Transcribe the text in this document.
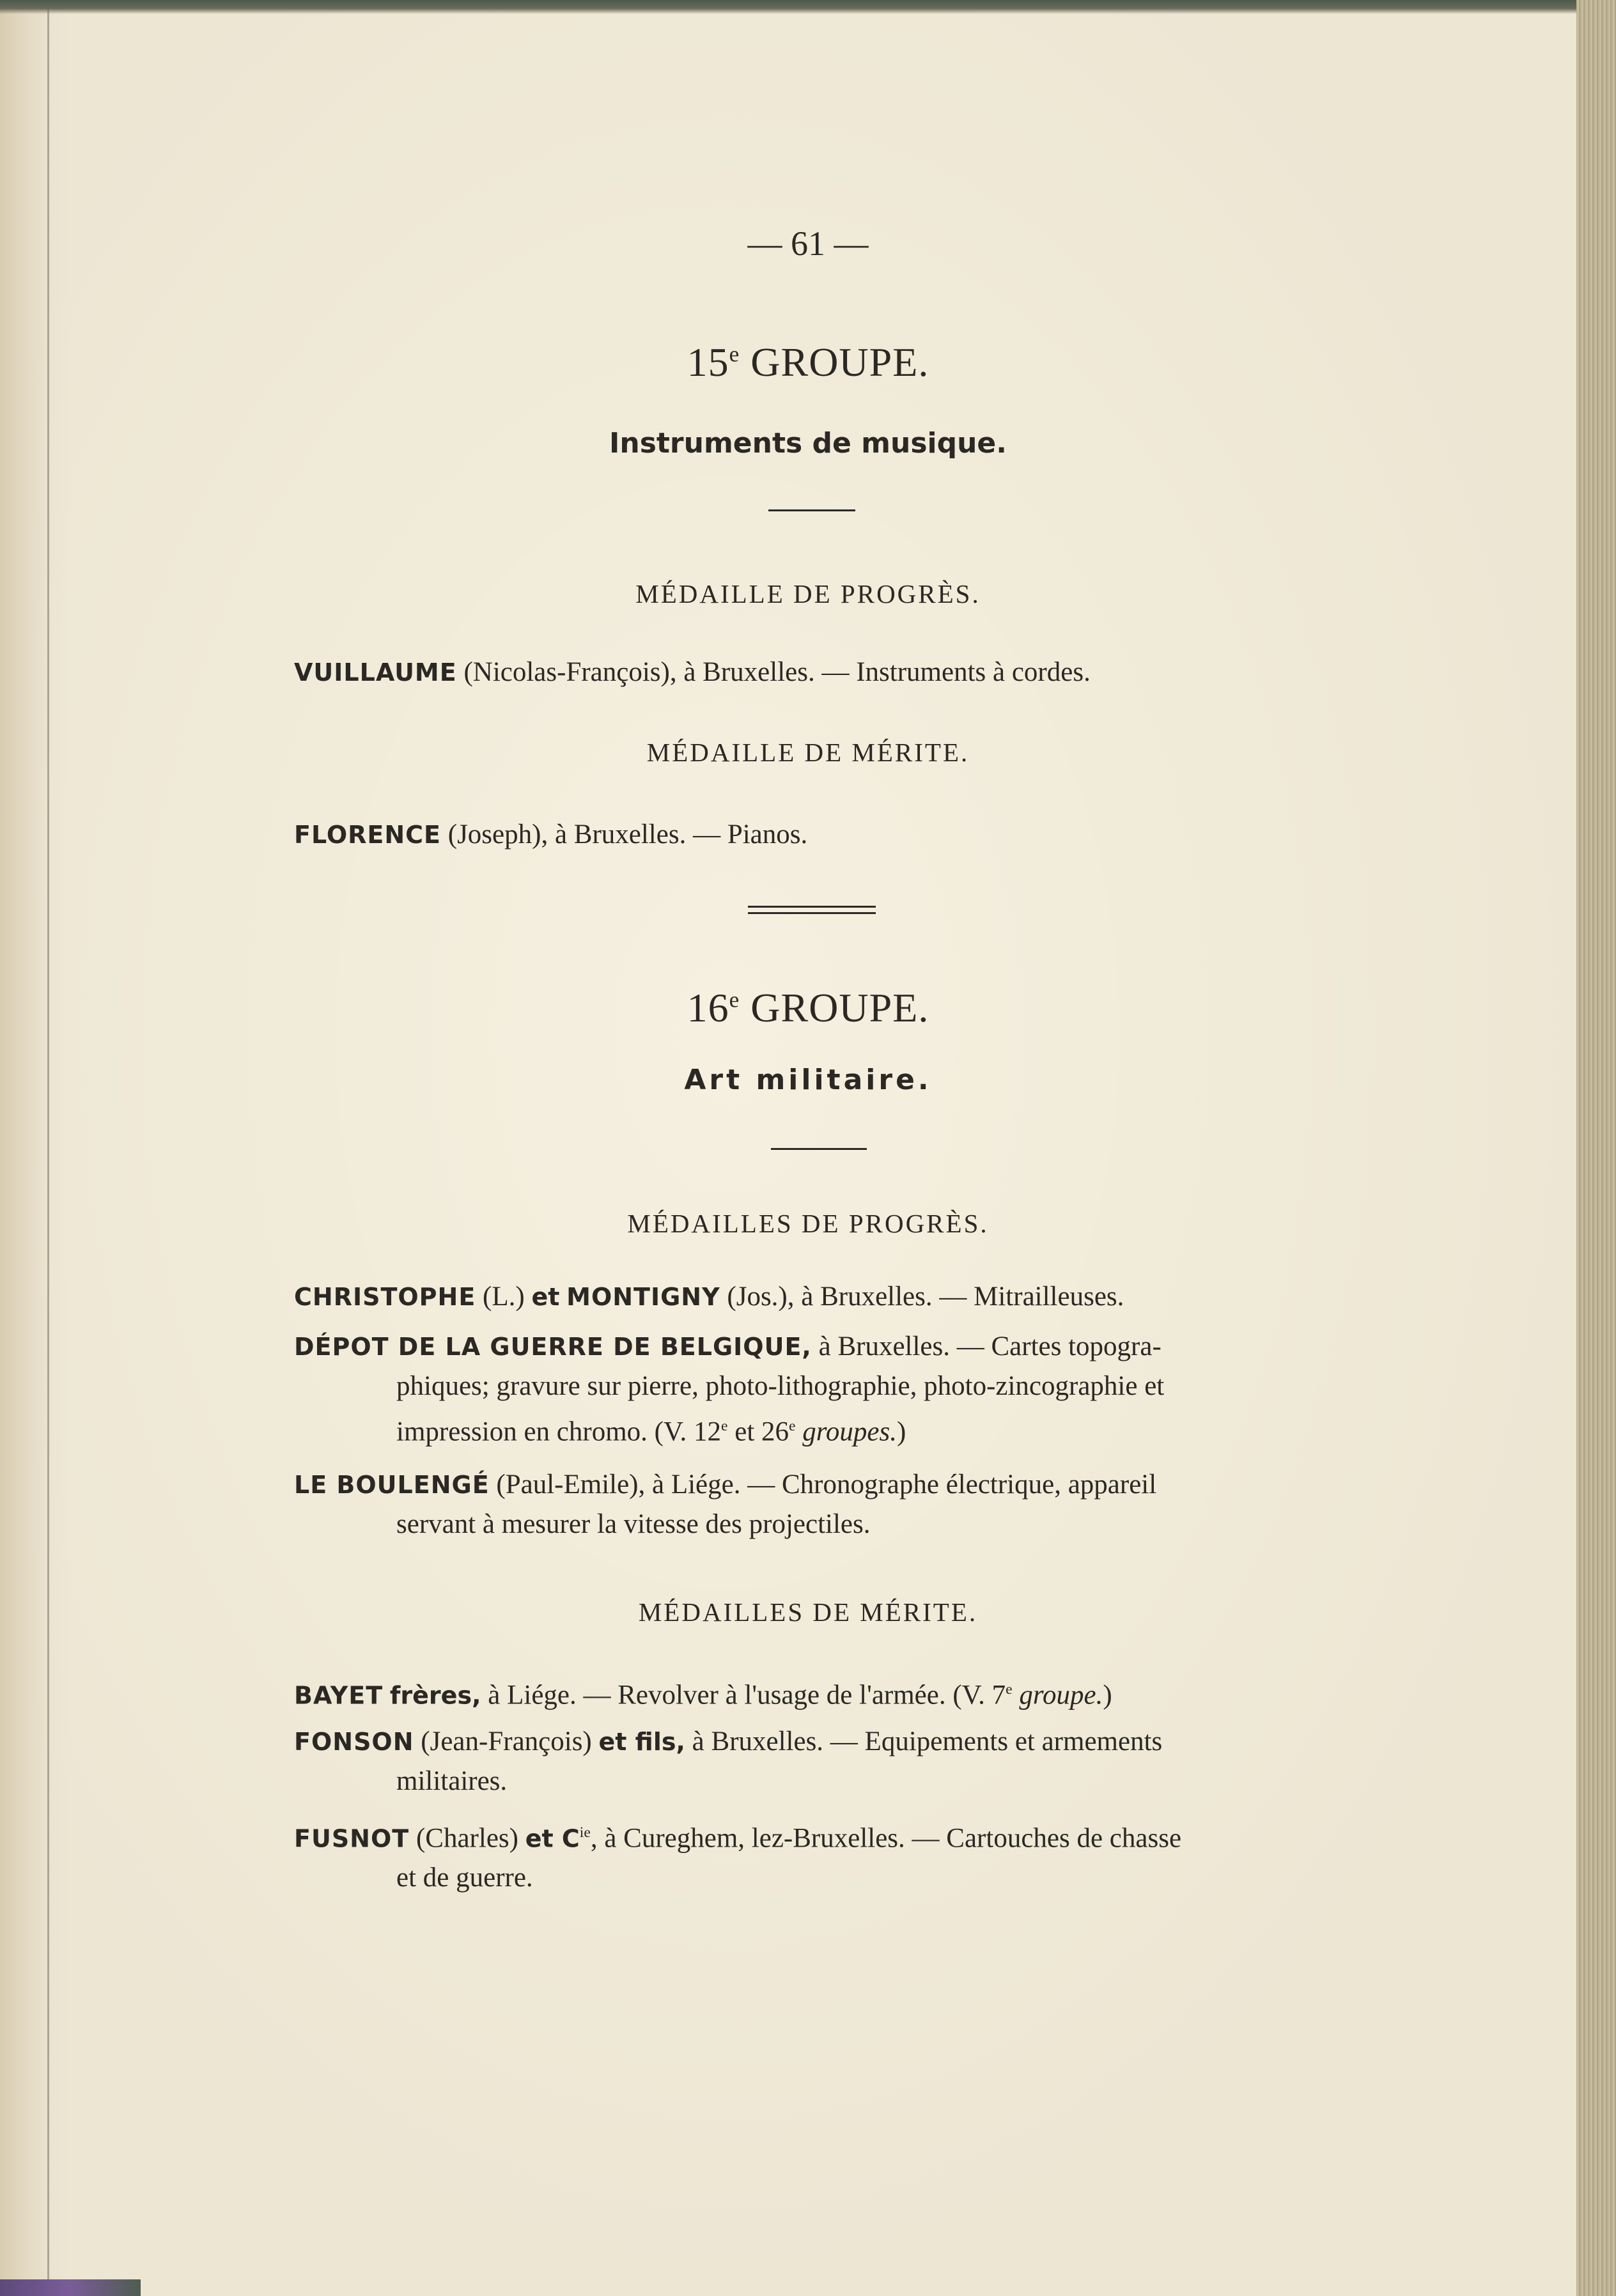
— 61 —
15e GROUPE.
Instruments de musique.
MÉDAILLE DE PROGRÈS.
VUILLAUME (Nicolas-François), à Bruxelles. — Instruments à cordes.
MÉDAILLE DE MÉRITE.
FLORENCE (Joseph), à Bruxelles. — Pianos.
16e GROUPE.
Art militaire.
MÉDAILLES DE PROGRÈS.
CHRISTOPHE (L.) et MONTIGNY (Jos.), à Bruxelles. — Mitrailleuses.
DÉPOT DE LA GUERRE DE BELGIQUE, à Bruxelles. — Cartes topogra-
phiques; gravure sur pierre, photo-lithographie, photo-zincographie et
impression en chromo. (V. 12e et 26e groupes.)
LE BOULENGÉ (Paul-Emile), à Liége. — Chronographe électrique, appareil
servant à mesurer la vitesse des projectiles.
MÉDAILLES DE MÉRITE.
BAYET frères, à Liége. — Revolver à l'usage de l'armée. (V. 7e groupe.)
FONSON (Jean-François) et fils, à Bruxelles. — Equipements et armements
militaires.
FUSNOT (Charles) et $C^{ie}$, à Cureghem, lez-Bruxelles. — Cartouches de chasse
et de guerre.
